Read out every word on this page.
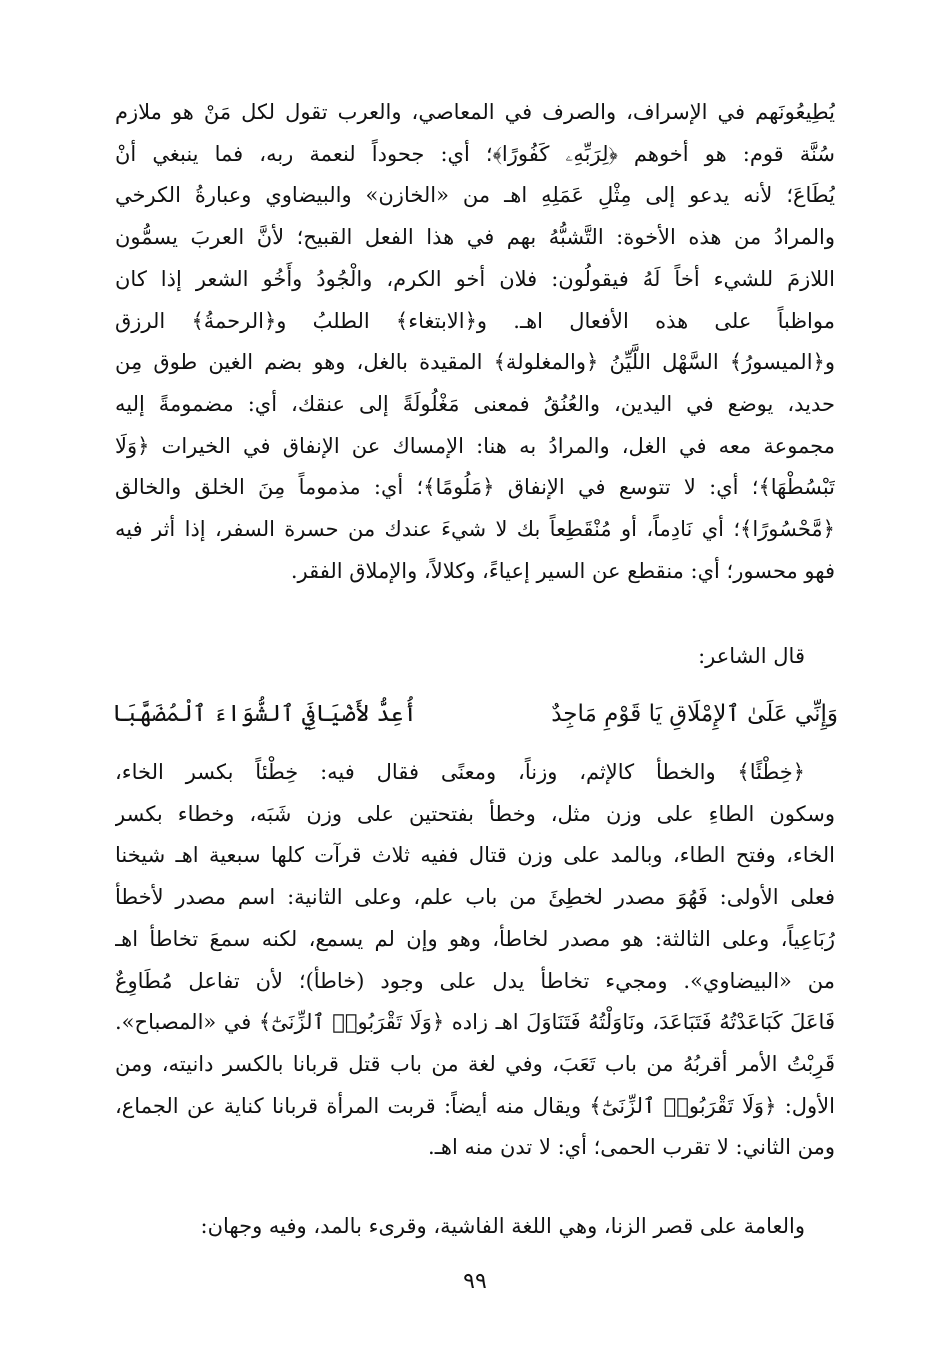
يُطِيعُونَهم في الإسراف، والصرف في المعاصي، والعرب تقول لكل مَنْ هو ملازم
سُنَّة قوم: هو أخوهم ﴿لِرَبِّهِۦ كَفُورًا﴾؛ أي: جحوداً لنعمة ربه، فما ينبغي أنْ
يُطَاعَ؛ لأنه يدعو إلى مِثْلِ عَمَلِهِ اهـ من «الخازن» والبيضاوي وعبارةُ الكرخي
والمرادُ من هذه الأخوة: التَّشبُّهُ بهم في هذا الفعل القبيح؛ لأنَّ العربَ يسمُّون
اللازمَ للشيء أخاً لَهُ فيقولُون: فلان أخو الكرم، والْجُودُ وأَخُو الشعر إذا كان
مواظباً على هذه الأفعال اهـ. و﴿الابتغاء﴾ الطلبُ و﴿الرحمةُ﴾ الرزق
و﴿الميسورُ﴾ السَّهْل اللَّيِّنُ ﴿والمغلولة﴾ المقيدة بالغل، وهو بضم الغين طوق مِن
حديد، يوضع في اليدين، والعُنُقُ فمعنى مَغْلُولَةً إلى عنقك، أي: مضمومةً إليه
مجموعة معه في الغل، والمرادُ به هنا: الإمساك عن الإنفاق في الخيرات ﴿وَلَا
تَبْسُطْهَا﴾؛ أي: لا تتوسع في الإنفاق ﴿مَلُومًا﴾؛ أي: مذموماً مِنَ الخلق والخالق
﴿مَّحْسُورًا﴾؛ أي نَادِماً، أو مُنْقَطِعاً بك لا شيءَ عندك من حسرة السفر، إذا أثر فيه
فهو محسور؛ أي: منقطع عن السير إعياءً، وكلالاً، والإملاق الفقر.
قال الشاعر:
وَإِنِّي عَلَىٰ ٱلإِمْلَاقِ يَا قَوْمِ مَاجِدٌ
أُعِدُّ لأَضْيَافِيَ ٱلشُّوَاءَ ٱلْمُضَهَّبَا
﴿خِطْئًا﴾ والخطأ كالإثم، وزناً، ومعنًى فقال فيه: خِطْئاً بكسر الخاء،
وسكون الطاءِ على وزن مثل، وخطأ بفتحتين على وزن شَبَه، وخطاء بكسر
الخاء، وفتح الطاء، وبالمد على وزن قتال ففيه ثلاث قرآت كلها سبعية اهـ شيخنا
فعلى الأولى: فَهُوَ مصدر لخطِئَ من باب علم، وعلى الثانية: اسم مصدر لأخطأ
رُبَاعِياً، وعلى الثالثة: هو مصدر لخاطأ، وهو وإن لم يسمع، لكنه سمعَ تخاطأ اهـ
من «البيضاوي». ومجيء تخاطأ يدل على وجود (خاطأ)؛ لأن تفاعل مُطَاوِعٌ
فَاعَلَ كَبَاعَدْتُهُ فَتَبَاعَدَ، ونَاوَلْتُهُ فَتَنَاوَلَ اهـ زاده ﴿وَلَا تَقْرَبُوا۟ ٱلزِّنَىٰٓ﴾ في «المصباح».
قَرِبْتُ الأمر أقربُهُ من باب تَعَبَ، وفي لغة من باب قتل قربانا بالكسر دانيته، ومن
الأول: ﴿وَلَا تَقْرَبُوا۟ ٱلزِّنَىٰٓ﴾ ويقال منه أيضاً: قربت المرأة قربانا كناية عن الجماع،
ومن الثاني: لا تقرب الحمى؛ أي: لا تدن منه اهـ.
والعامة على قصر الزنا، وهي اللغة الفاشية، وقرىء بالمد، وفيه وجهان:
٩٩
